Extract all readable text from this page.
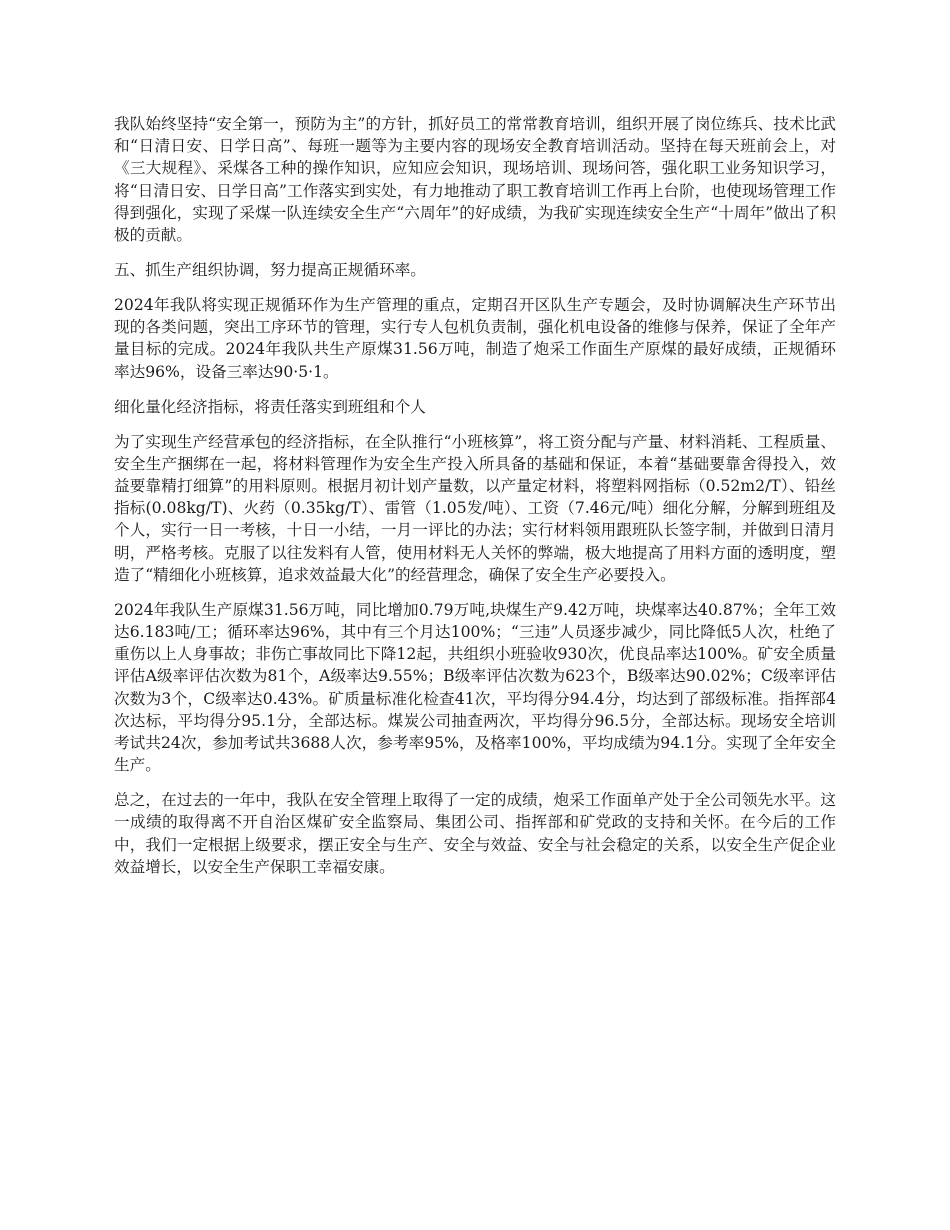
我队始终坚持“安全第一，预防为主”的方针，抓好员工的常常教育培训，组织开展了岗位练兵、技术比武和“日清日安、日学日高”、每班一题等为主要内容的现场安全教育培训活动。坚持在每天班前会上，对《三大规程》、采煤各工种的操作知识，应知应会知识，现场培训、现场问答，强化职工业务知识学习，将“日清日安、日学日高”工作落实到实处，有力地推动了职工教育培训工作再上台阶，也使现场管理工作得到强化，实现了采煤一队连续安全生产“六周年”的好成绩，为我矿实现连续安全生产“十周年”做出了积极的贡献。

五、抓生产组织协调，努力提高正规循环率。

2024年我队将实现正规循环作为生产管理的重点，定期召开区队生产专题会，及时协调解决生产环节出现的各类问题，突出工序环节的管理，实行专人包机负责制，强化机电设备的维修与保养，保证了全年产量目标的完成。2024年我队共生产原煤31.56万吨，制造了炮采工作面生产原煤的最好成绩，正规循环率达96%，设备三率达90·5·1。

细化量化经济指标，将责任落实到班组和个人

为了实现生产经营承包的经济指标，在全队推行“小班核算”，将工资分配与产量、材料消耗、工程质量、安全生产捆绑在一起，将材料管理作为安全生产投入所具备的基础和保证，本着“基础要靠舍得投入，效益要靠精打细算”的用料原则。根据月初计划产量数，以产量定材料，将塑料网指标（0.52m2/T）、铅丝指标(0.08kg/T)、火药（0.35kg/T）、雷管（1.05发/吨）、工资（7.46元/吨）细化分解，分解到班组及个人，实行一日一考核，十日一小结，一月一评比的办法；实行材料领用跟班队长签字制，并做到日清月明，严格考核。克服了以往发料有人管，使用材料无人关怀的弊端，极大地提高了用料方面的透明度，塑造了“精细化小班核算，追求效益最大化”的经营理念，确保了安全生产必要投入。

2024年我队生产原煤31.56万吨，同比增加0.79万吨,块煤生产9.42万吨，块煤率达40.87%；全年工效达6.183吨/工；循环率达96%，其中有三个月达100%；“三违”人员逐步减少，同比降低5人次，杜绝了重伤以上人身事故；非伤亡事故同比下降12起，共组织小班验收930次，优良品率达100%。矿安全质量评估A级率评估次数为81个，A级率达9.55%；B级率评估次数为623个，B级率达90.02%；C级率评估次数为3个，C级率达0.43%。矿质量标准化检查41次，平均得分94.4分，均达到了部级标准。指挥部4次达标，平均得分95.1分，全部达标。煤炭公司抽查两次，平均得分96.5分，全部达标。现场安全培训考试共24次，参加考试共3688人次，参考率95%，及格率100%，平均成绩为94.1分。实现了全年安全生产。

总之，在过去的一年中，我队在安全管理上取得了一定的成绩，炮采工作面单产处于全公司领先水平。这一成绩的取得离不开自治区煤矿安全监察局、集团公司、指挥部和矿党政的支持和关怀。在今后的工作中，我们一定根据上级要求，摆正安全与生产、安全与效益、安全与社会稳定的关系，以安全生产促企业效益增长，以安全生产保职工幸福安康。
